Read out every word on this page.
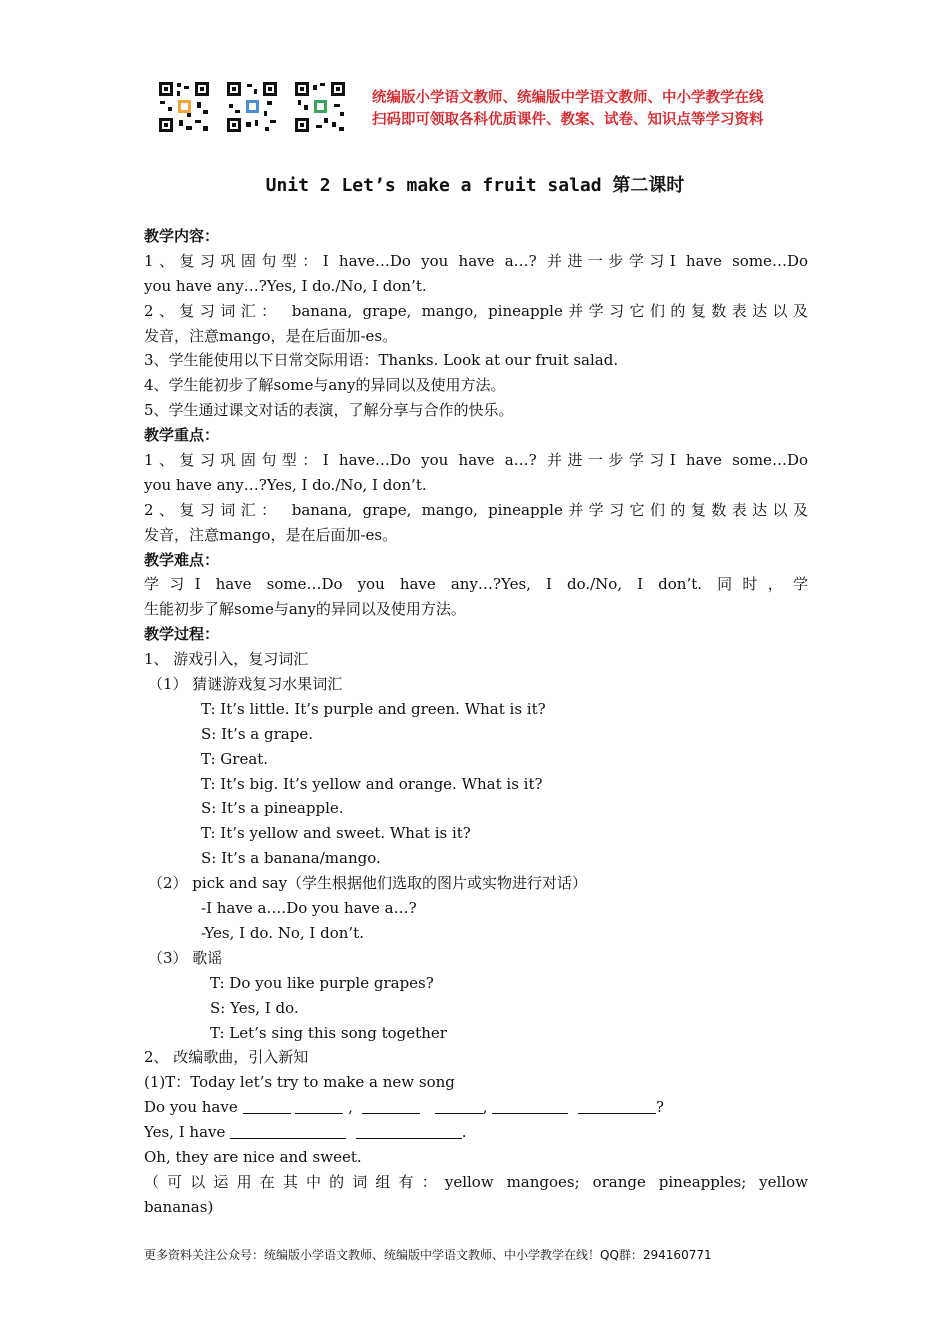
统编版小学语文教师、统编版中学语文教师、中小学教学在线
扫码即可领取各科优质课件、教案、试卷、知识点等学习资料
Unit 2 Let’s make a fruit salad 第二课时
教学内容：
1、复习巩固句型：I have…Do you have a…? 并进一步学习I have some…Do
you have any…?Yes, I do./No, I don’t.
2、复习词汇： banana, grape, mango, pineapple并学习它们的复数表达以及
发音，注意mango，是在后面加-es。
3、学生能使用以下日常交际用语：Thanks. Look at our fruit salad.
4、学生能初步了解some与any的异同以及使用方法。
5、学生通过课文对话的表演，了解分享与合作的快乐。
教学重点：
1、复习巩固句型：I have…Do you have a…? 并进一步学习I have some…Do
you have any…?Yes, I do./No, I don’t.
2、复习词汇： banana, grape, mango, pineapple并学习它们的复数表达以及
发音，注意mango，是在后面加-es。
教学难点：
学习I have some…Do you have any…?Yes, I do./No, I don’t. 同时，学
生能初步了解some与any的异同以及使用方法。
教学过程：
1、 游戏引入，复习词汇
（1） 猜谜游戏复习水果词汇
T: It’s little. It’s purple and green. What is it?
S: It’s a grape.
T: Great.
T: It’s big. It’s yellow and orange. What is it?
S: It’s a pineapple.
T: It’s yellow and sweet. What is it?
S: It’s a banana/mango.
（2） pick and say（学生根据他们选取的图片或实物进行对话）
-I have a….Do you have a…?
-Yes, I do. No, I don’t.
（3） 歌谣
T: Do you like purple grapes?
S: Yes, I do.
T: Let’s sing this song together
2、 改编歌曲，引入新知
(1)T：Today let’s try to make a new song
Do you have	,	,	?
Yes, I have	.
Oh, they are nice and sweet.
（可以运用在其中的词组有：yellow mangoes; orange pineapples; yellow
bananas)
更多资料关注公众号：统编版小学语文教师、统编版中学语文教师、中小学教学在线！QQ群：294160771
